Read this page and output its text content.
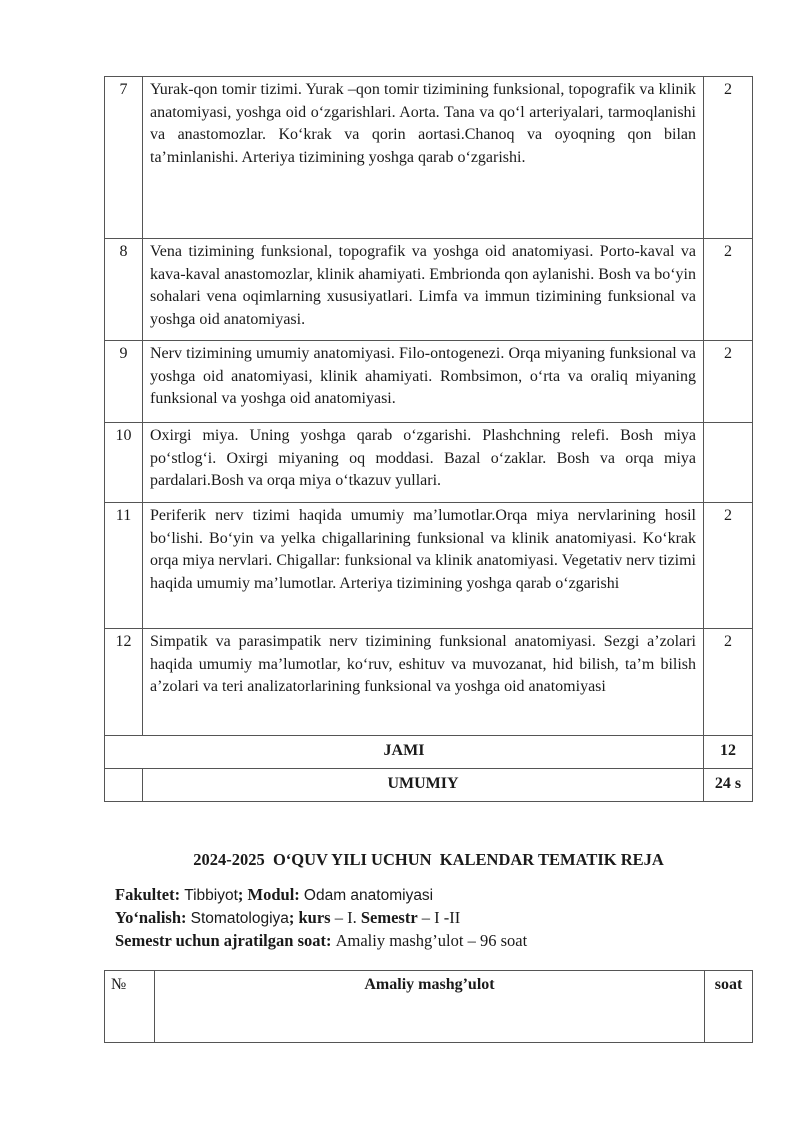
7	Yurak-qon tomir tizimi. Yurak –qon tomir tizimining funksional, topografik va klinik anatomiyasi, yoshga oid o‘zgarishlari. Aorta. Tana va qo‘l arteriyalari, tarmoqlanishi va anastomozlar. Ko‘krak va qorin aortasi.Chanoq va oyoqning qon bilan ta’minlanishi. Arteriya tizimining yoshga qarab o‘zgarishi.	2
8	Vena tizimining funksional, topografik va yoshga oid anatomiyasi. Porto-kaval va kava-kaval anastomozlar, klinik ahamiyati. Embrionda qon aylanishi. Bosh va bo‘yin sohalari vena oqimlarning xususiyatlari. Limfa va immun tizimining funksional va yoshga oid anatomiyasi.	2
9	Nerv tizimining umumiy anatomiyasi. Filo-ontogenezi. Orqa miyaning funksional va yoshga oid anatomiyasi, klinik ahamiyati. Rombsimon, o‘rta va oraliq miyaning funksional va yoshga oid anatomiyasi.	2
10	Oxirgi miya. Uning yoshga qarab o‘zgarishi. Plashchning relefi. Bosh miya po‘stlog‘i. Oxirgi miyaning oq moddasi. Bazal o‘zaklar. Bosh va orqa miya pardalari.Bosh va orqa miya o‘tkazuv yullari.	
11	Periferik nerv tizimi haqida umumiy ma’lumotlar.Orqa miya nervlarining hosil bo‘lishi. Bo‘yin va yelka chigallarining funksional va klinik anatomiyasi. Ko‘krak orqa miya nervlari. Chigallar: funksional va klinik anatomiyasi. Vegetativ nerv tizimi haqida umumiy ma’lumotlar. Arteriya tizimining yoshga qarab o‘zgarishi	2
12	Simpatik va parasimpatik nerv tizimining funksional anatomiyasi. Sezgi a’zolari haqida umumiy ma’lumotlar, ko‘ruv, eshituv va muvozanat, hid bilish, ta’m bilish a’zolari va teri analizatorlarining funksional va yoshga oid anatomiyasi	2
JAMI		12
	UMUMIY	24 s
2024-2025  O‘QUV YILI UCHUN  KALENDAR TEMATIK REJA
Fakultet: Tibbiyot; Modul: Odam anatomiyasi
Yo‘nalish: Stomatologiya; kurs – I. Semestr – I -II
Semestr uchun ajratilgan soat: Amaliy mashg’ulot – 96 soat
№	Amaliy mashg’ulot	soat
